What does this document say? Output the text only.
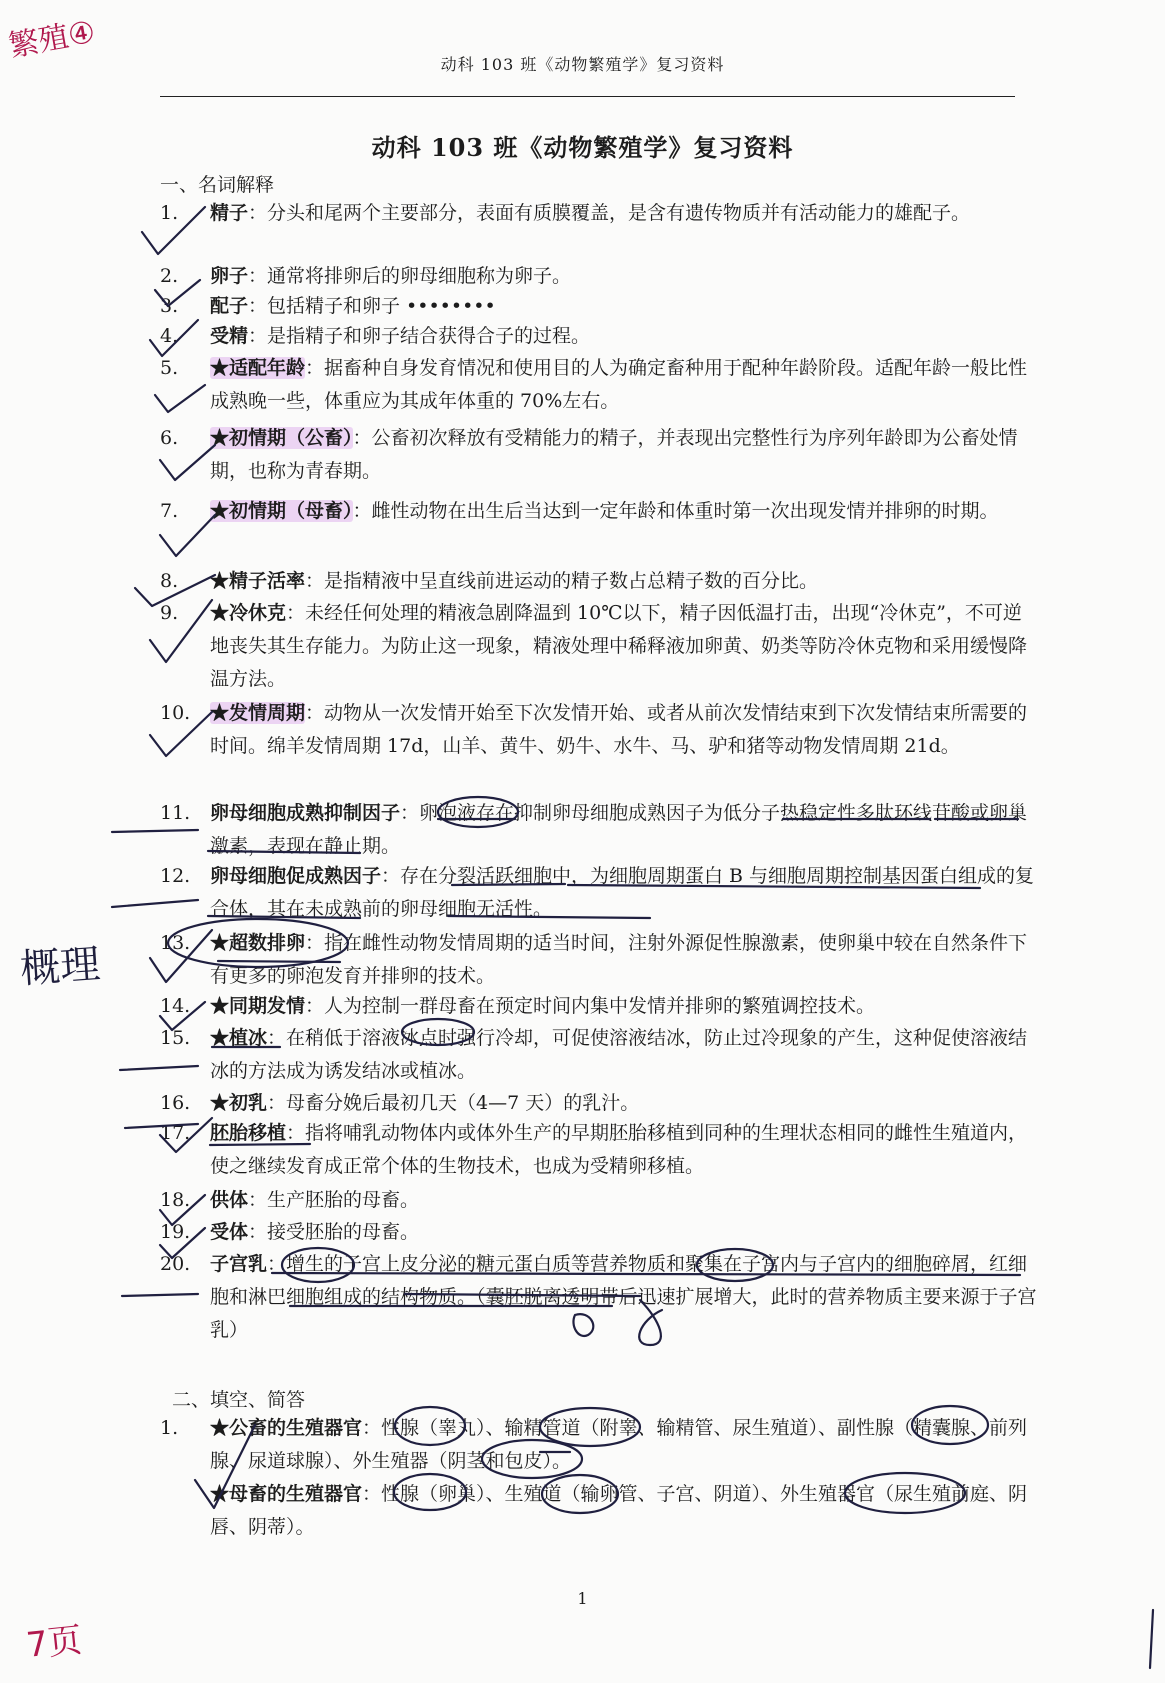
动科 103 班《动物繁殖学》复习资料
动科 103 班《动物繁殖学》复习资料
一、名词解释
1.	精子：分头和尾两个主要部分，表面有质膜覆盖，是含有遗传物质并有活动能力的雄配子。
2.	卵子：通常将排卵后的卵母细胞称为卵子。
3.	配子：包括精子和卵子 ••••••••
4.	受精：是指精子和卵子结合获得合子的过程。
5.	★适配年龄：据畜种自身发育情况和使用目的人为确定畜种用于配种年龄阶段。适配年龄一般比性成熟晚一些，体重应为其成年体重的 70%左右。
6.	★初情期（公畜）：公畜初次释放有受精能力的精子，并表现出完整性行为序列年龄即为公畜处情期，也称为青春期。
7.	★初情期（母畜）：雌性动物在出生后当达到一定年龄和体重时第一次出现发情并排卵的时期。
8.	★精子活率：是指精液中呈直线前进运动的精子数占总精子数的百分比。
9.	★冷休克：未经任何处理的精液急剧降温到 10℃以下，精子因低温打击，出现“冷休克”，不可逆地丧失其生存能力。为防止这一现象，精液处理中稀释液加卵黄、奶类等防冷休克物和采用缓慢降温方法。
10.	★发情周期：动物从一次发情开始至下次发情开始、或者从前次发情结束到下次发情结束所需要的时间。绵羊发情周期 17d，山羊、黄牛、奶牛、水牛、马、驴和猪等动物发情周期 21d。
11.	卵母细胞成熟抑制因子：卵泡液存在抑制卵母细胞成熟因子为低分子热稳定性多肽环线苷酸或卵巢激素，表现在静止期。
12.	卵母细胞促成熟因子：存在分裂活跃细胞中，为细胞周期蛋白 B 与细胞周期控制基因蛋白组成的复合体，其在未成熟前的卵母细胞无活性。
13.	★超数排卵：指在雌性动物发情周期的适当时间，注射外源促性腺激素，使卵巢中较在自然条件下有更多的卵泡发育并排卵的技术。
14.	★同期发情：人为控制一群母畜在预定时间内集中发情并排卵的繁殖调控技术。
15.	★植冰：在稍低于溶液冰点时强行冷却，可促使溶液结冰，防止过冷现象的产生，这种促使溶液结冰的方法成为诱发结冰或植冰。
16.	★初乳：母畜分娩后最初几天（4—7 天）的乳汁。
17.	胚胎移植：指将哺乳动物体内或体外生产的早期胚胎移植到同种的生理状态相同的雌性生殖道内，使之继续发育成正常个体的生物技术，也成为受精卵移植。
18.	供体：生产胚胎的母畜。
19.	受体：接受胚胎的母畜。
20.	子宫乳：增生的子宫上皮分泌的糖元蛋白质等营养物质和聚集在子宫内与子宫内的细胞碎屑，红细胞和淋巴细胞组成的结构物质。（囊胚脱离透明带后迅速扩展增大，此时的营养物质主要来源于子宫乳）
二、填空、简答
1.	★公畜的生殖器官：性腺（睾丸）、输精管道（附睾、输精管、尿生殖道）、副性腺（精囊腺、前列腺、尿道球腺）、外生殖器（阴茎和包皮）。
★母畜的生殖器官：性腺（卵巢）、生殖道（输卵管、子宫、阴道）、外生殖器官（尿生殖前庭、阴唇、阴蒂）。
1
繁殖④
概理
7页
